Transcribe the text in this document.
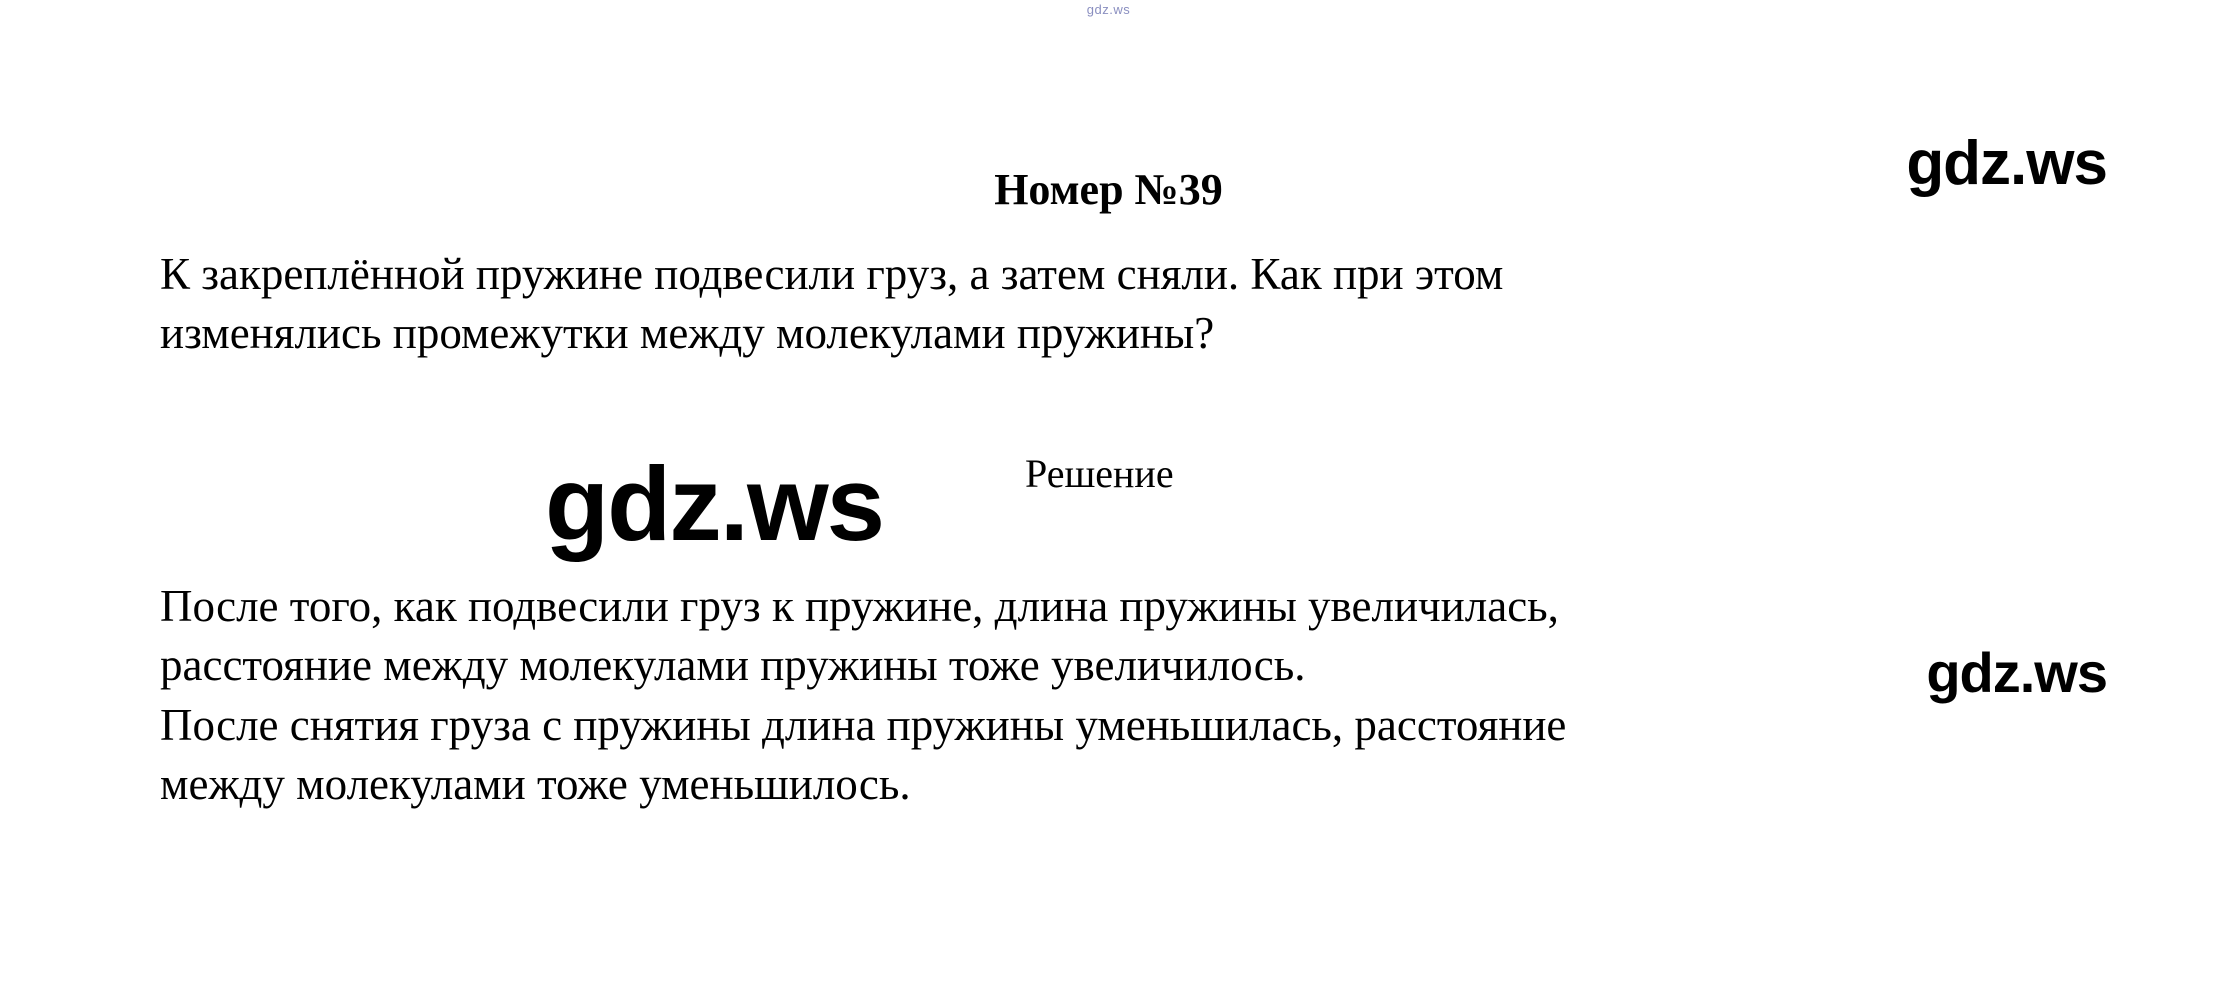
gdz.ws
Номер №39	gdz.ws
К закреплённой пружине подвесили груз, а затем сняли. Как при этом
изменялись промежутки между молекулами пружины?
gdz.ws	Решение
После того, как подвесили груз к пружине, длина пружины увеличилась,
расстояние между молекулами пружины тоже увеличилось.
После снятия груза с пружины длина пружины уменьшилась, расстояние
между молекулами тоже уменьшилось.
gdz.ws
